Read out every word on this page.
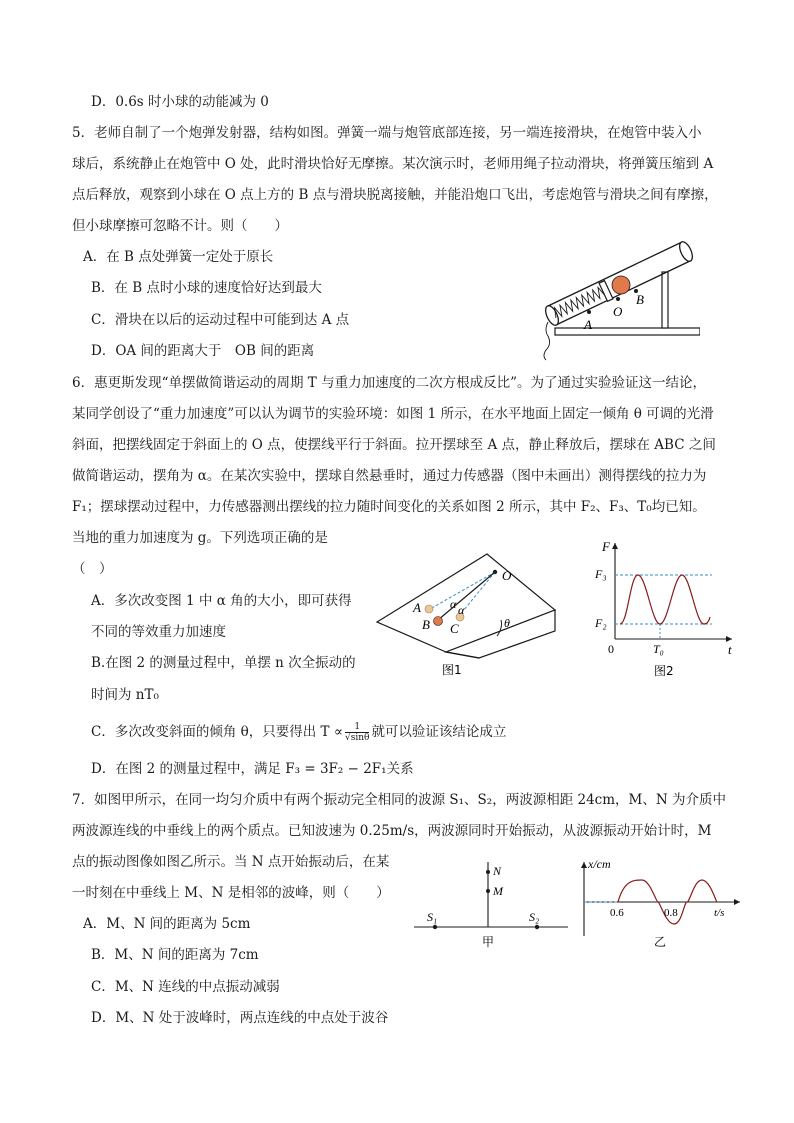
D．0.6s 时小球的动能减为 0
5．老师自制了一个炮弹发射器，结构如图。弹簧一端与炮管底部连接，另一端连接滑块，在炮管中装入小
球后，系统静止在炮管中 O 处，此时滑块恰好无摩擦。某次演示时，老师用绳子拉动滑块，将弹簧压缩到 A
点后释放，观察到小球在 O 点上方的 B 点与滑块脱离接触，并能沿炮口飞出，考虑炮管与滑块之间有摩擦，
但小球摩擦可忽略不计。则（　　）
A．在 B 点处弹簧一定处于原长
B．在 B 点时小球的速度恰好达到最大
C．滑块在以后的运动过程中可能到达 A 点
D．OA 间的距离大于　OB 间的距离
A
O
B
6．惠更斯发现“单摆做简谐运动的周期 T 与重力加速度的二次方根成反比”。为了通过实验验证这一结论，
某同学创设了“重力加速度”可以认为调节的实验环境：如图 1 所示，在水平地面上固定一倾角 θ 可调的光滑
斜面，把摆线固定于斜面上的 O 点，使摆线平行于斜面。拉开摆球至 A 点，静止释放后，摆球在 ABC 之间
做简谐运动，摆角为 α。在某次实验中，摆球自然悬垂时，通过力传感器（图中未画出）测得摆线的拉力为
F₁；摆球摆动过程中，力传感器测出摆线的拉力随时间变化的关系如图 2 所示，其中 F₂、F₃、T₀均已知。
当地的重力加速度为 g。下列选项正确的是
（　）
A．多次改变图 1 中 α 角的大小，即可获得
不同的等效重力加速度
B.在图 2 的测量过程中，单摆 n 次全振动的
时间为 nT₀
C．多次改变斜面的倾角 θ，只要得出 $T \propto \frac{1}{√\sin\theta}$ 就可以验证该结论成立
D．在图 2 的测量过程中，满足 F₃ = 3F₂ − 2F₁关系
θ
O
A
B C
α α
图1
F
t
0
F₃
F₂
T₀
图2
7．如图甲所示，在同一均匀介质中有两个振动完全相同的波源 S₁、S₂，两波源相距 24cm，M、N 为介质中
两波源连线的中垂线上的两个质点。已知波速为 0.25m/s，两波源同时开始振动，从波源振动开始计时，M
点的振动图像如图乙所示。当 N 点开始振动后，在某
一时刻在中垂线上 M、N 是相邻的波峰，则（　　）
A．M、N 间的距离为 5cm
B．M、N 间的距离为 7cm
C．M、N 连线的中点振动减弱
D．M、N 处于波峰时，两点连线的中点处于波谷
N
M
S₁	S₂
甲
x/cm
0.6	0.8	t/s
乙
